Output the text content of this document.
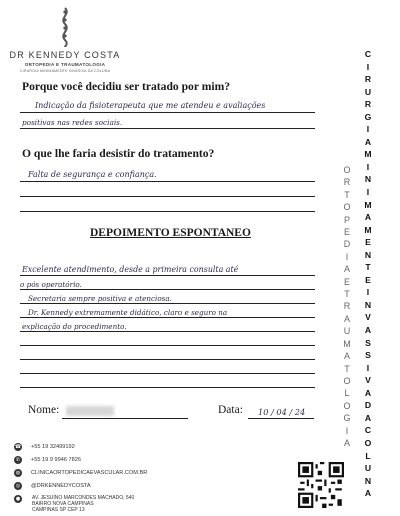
DR KENNEDY COSTA
ORTOPEDIA E TRAUMATOLOGIA
CIRURGIA MINIMAMENTE INVASIVA DA COLUNA
Porque você decidiu ser tratado por mim?
Indicação da fisioterapeuta que me atendeu e avaliações
positivas nas redes sociais.
O que lhe faria desistir do tratamento?
Falta de segurança e confiança.
DEPOIMENTO ESPONTANEO
Excelente atendimento, desde a primeira consulta até
o pós operatório.
Secretaria sempre positiva e atenciosa.
Dr. Kennedy extremamente didático, claro e seguro na
explicação do procedimento.
Nome:	Data: 10 / 04 / 24
O
R
T
O
P
E
D
I
A
E
T
R
A
U
M
A
T
O
L
O
G
I
A
C
I
R
U
R
G
I
A
M
I
N
I
M
A
M
E
N
T
E
I
N
V
A
S
S
I
V
A
D
A
C
O
L
U
N
A
☎ +55 19 32499192
✆	+55 19 9 9946 7826
◍	CLINICAORTOPEDICAEVASCULAR.COM.BR
◎	@DRKENNEDYCOSTA
●	AV. JESUÍNO MARCONDES MACHADO, 540
BAIRRO NOVA CAMPINAS
CAMPINAS SP CEP 13
